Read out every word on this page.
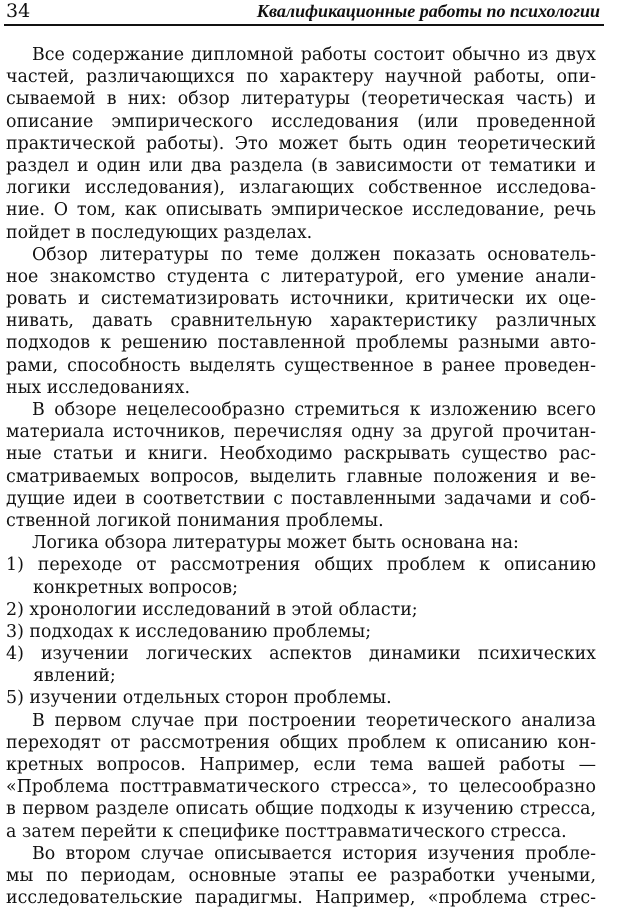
34	Квалификационные работы по психологии
Все содержание дипломной работы состоит обычно из двух
частей, различающихся по характеру научной работы, опи-
сываемой в них: обзор литературы (теоретическая часть) и
описание эмпирического исследования (или проведенной
практической работы). Это может быть один теоретический
раздел и один или два раздела (в зависимости от тематики и
логики исследования), излагающих собственное исследова-
ние. О том, как описывать эмпирическое исследование, речь
пойдет в последующих разделах.
Обзор литературы по теме должен показать основатель-
ное знакомство студента с литературой, его умение анали-
ровать и систематизировать источники, критически их оце-
нивать, давать сравнительную характеристику различных
подходов к решению поставленной проблемы разными авто-
рами, способность выделять существенное в ранее проведен-
ных исследованиях.
В обзоре нецелесообразно стремиться к изложению всего
материала источников, перечисляя одну за другой прочитан-
ные статьи и книги. Необходимо раскрывать существо рас-
сматриваемых вопросов, выделить главные положения и ве-
дущие идеи в соответствии с поставленными задачами и соб-
ственной логикой понимания проблемы.
Логика обзора литературы может быть основана на:
1) переходе от рассмотрения общих проблем к описанию
конкретных вопросов;
2) хронологии исследований в этой области;
3) подходах к исследованию проблемы;
4) изучении логических аспектов динамики психических
явлений;
5) изучении отдельных сторон проблемы.
В первом случае при построении теоретического анализа
переходят от рассмотрения общих проблем к описанию кон-
кретных вопросов. Например, если тема вашей работы —
«Проблема посттравматического стресса», то целесообразно
в первом разделе описать общие подходы к изучению стресса,
а затем перейти к специфике посттравматического стресса.
Во втором случае описывается история изучения пробле-
мы по периодам, основные этапы ее разработки учеными,
исследовательские парадигмы. Например, «проблема стрес-
